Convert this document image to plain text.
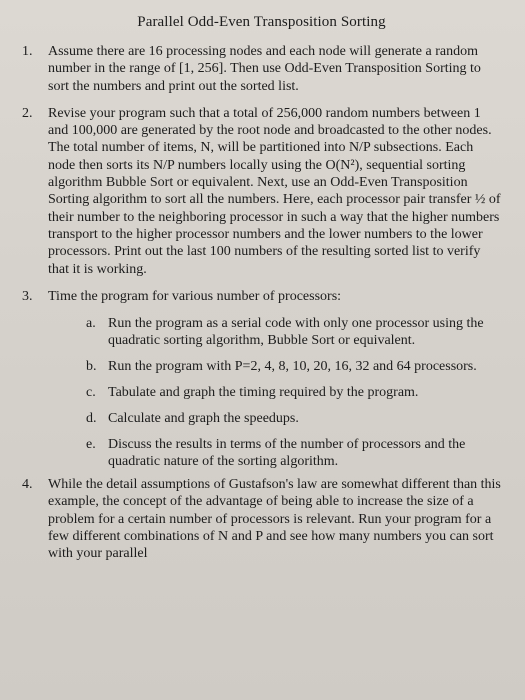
Parallel Odd-Even Transposition Sorting
1.	Assume there are 16 processing nodes and each node will generate a random number in the range of [1, 256]. Then use Odd-Even Transposition Sorting to sort the numbers and print out the sorted list.
2.	Revise your program such that a total of 256,000 random numbers between 1 and 100,000 are generated by the root node and broadcasted to the other nodes. The total number of items, N, will be partitioned into N/P subsections. Each node then sorts its N/P numbers locally using the O(N²), sequential sorting algorithm Bubble Sort or equivalent. Next, use an Odd-Even Transposition Sorting algorithm to sort all the numbers. Here, each processor pair transfer ½ of their number to the neighboring processor in such a way that the higher numbers transport to the higher processor numbers and the lower numbers to the lower processors. Print out the last 100 numbers of the resulting sorted list to verify that it is working.
3.	Time the program for various number of processors:
a. Run the program as a serial code with only one processor using the quadratic sorting algorithm, Bubble Sort or equivalent.
b. Run the program with P=2, 4, 8, 10, 20, 16, 32 and 64 processors.
c. Tabulate and graph the timing required by the program.
d. Calculate and graph the speedups.
e. Discuss the results in terms of the number of processors and the quadratic nature of the sorting algorithm.
4.	While the detail assumptions of Gustafson's law are somewhat different than this example, the concept of the advantage of being able to increase the size of a problem for a certain number of processors is relevant. Run your program for a few different combinations of N and P and see how many numbers you can sort with your parallel
